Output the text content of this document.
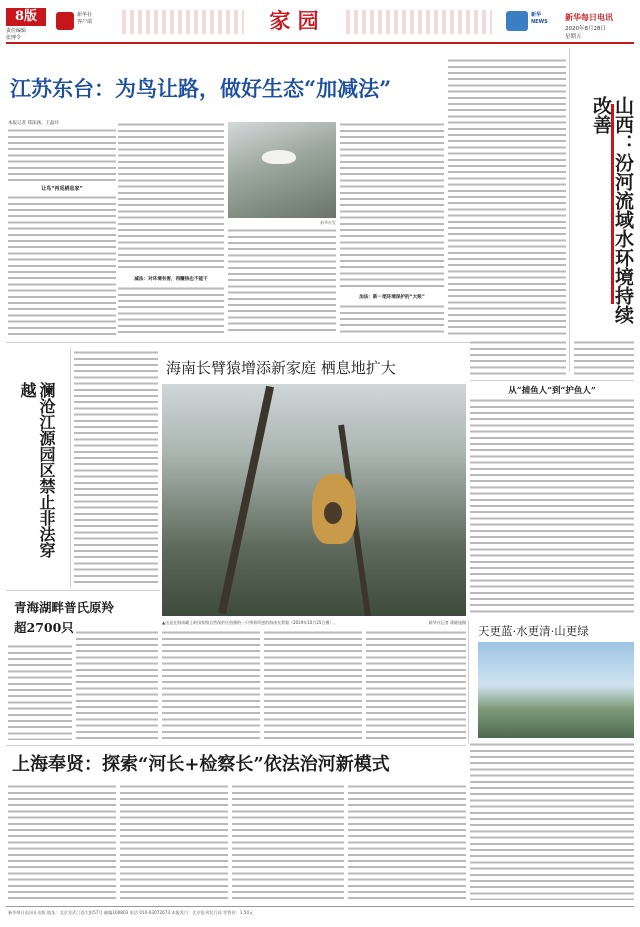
8版
责任编辑
张博令
新华社
客户端	家 园	新华
NEWS	新华每日电讯
2020年8月28日
星期五
江苏东台：为鸟让路，做好生态“加减法”
本报记者 郑沫涵、王晶玲
让鸟“再觅栖息家”
减法：对环境有害，再赚钱也不能干
新华社发
加法：新一尾环境保护的“大账”	山西：汾河流域水环境持续改善
从“捕鱼人”到“护鱼人”
澜沧江源园区禁止非法穿越
海南长臂猿增添新家庭 栖息地扩大
▲这是在海南霸王岭国家级自然保护区拍摄的一只带着幼崽的海南长臂猿（2019年10月25日摄）。	新华社记者 蒲晓旭摄
青海湖畔普氏原羚超2700只	天更蓝·水更清·山更绿
上海奉贤：探索“河长+检察长”依法治河新模式
新华每日电讯社出版 地址：北京宣武门西大街57号 邮编100803 电话 010-63072673 本报发行：北京报刊发行局 零售价：1.50元
